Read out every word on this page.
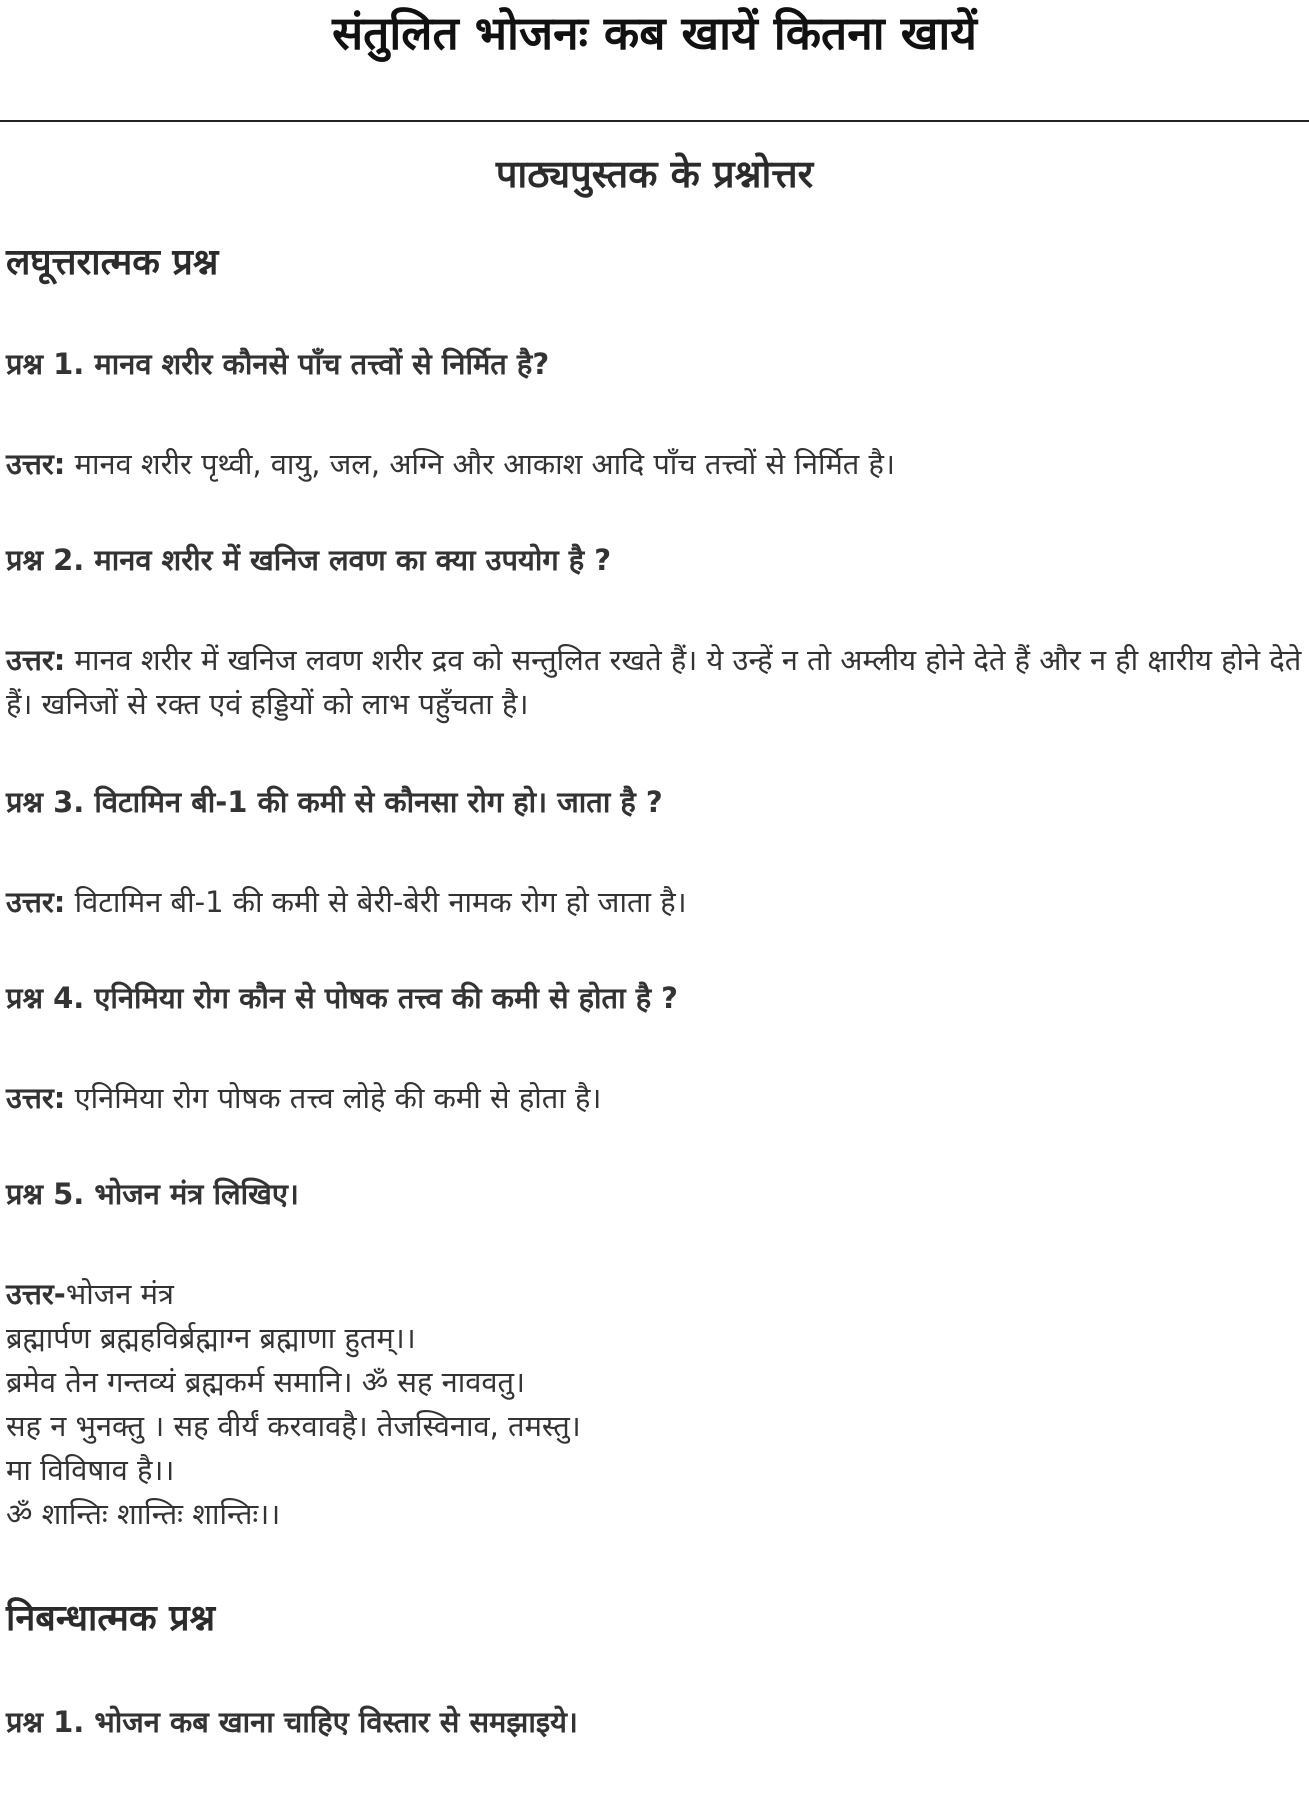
संतुलित भोजनः कब खायें कितना खायें
पाठ्यपुस्तक के प्रश्नोत्तर
लघूत्तरात्मक प्रश्न
प्रश्न 1. मानव शरीर कौनसे पाँच तत्त्वों से निर्मित है?
उत्तर: मानव शरीर पृथ्वी, वायु, जल, अग्नि और आकाश आदि पाँच तत्त्वों से निर्मित है।
प्रश्न 2. मानव शरीर में खनिज लवण का क्या उपयोग है ?
उत्तर: मानव शरीर में खनिज लवण शरीर द्रव को सन्तुलित रखते हैं। ये उन्हें न तो अम्लीय होने देते हैं और न ही क्षारीय होने देते हैं। खनिजों से रक्त एवं हड्डियों को लाभ पहुँचता है।
प्रश्न 3. विटामिन बी-1 की कमी से कौनसा रोग हो। जाता है ?
उत्तर: विटामिन बी-1 की कमी से बेरी-बेरी नामक रोग हो जाता है।
प्रश्न 4. एनिमिया रोग कौन से पोषक तत्त्व की कमी से होता है ?
उत्तर: एनिमिया रोग पोषक तत्त्व लोहे की कमी से होता है।
प्रश्न 5. भोजन मंत्र लिखिए।
उत्तर-भोजन मंत्र
ब्रह्मार्पण ब्रह्महविर्ब्रह्माग्न ब्रह्माणा हुतम्।।
ब्रमेव तेन गन्तव्यं ब्रह्मकर्म समानि। ॐ सह नाववतु।
सह न भुनक्तु । सह वीर्यं करवावहै। तेजस्विनाव, तमस्तु।
मा विविषाव है।।
ॐ शान्तिः शान्तिः शान्तिः।।
निबन्धात्मक प्रश्न
प्रश्न 1. भोजन कब खाना चाहिए विस्तार से समझाइये।
